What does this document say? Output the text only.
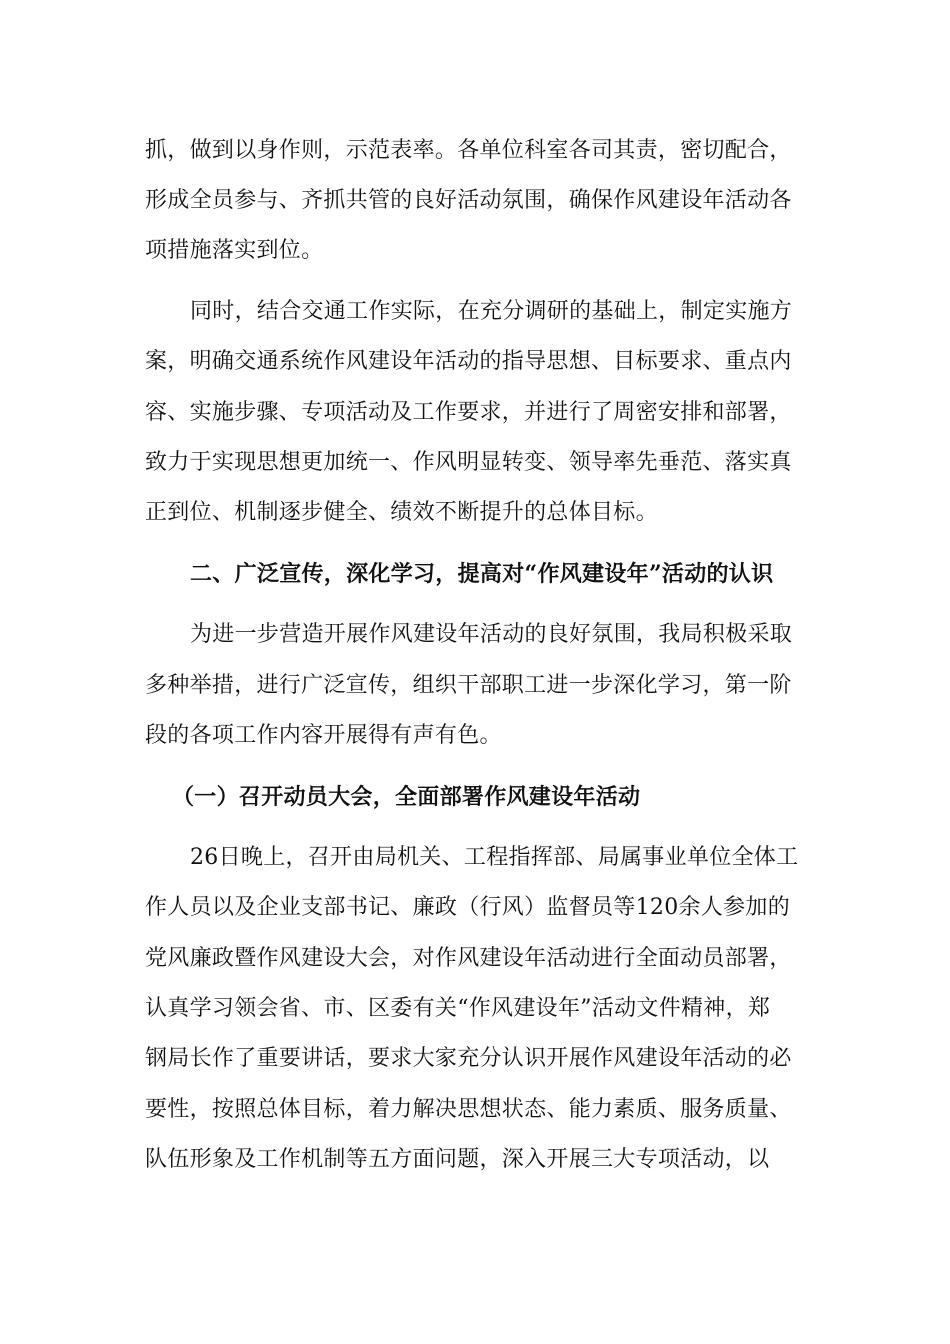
抓，做到以身作则，示范表率。各单位科室各司其责，密切配合，
形成全员参与、齐抓共管的良好活动氛围，确保作风建设年活动各
项措施落实到位。
同时，结合交通工作实际，在充分调研的基础上，制定实施方
案，明确交通系统作风建设年活动的指导思想、目标要求、重点内
容、实施步骤、专项活动及工作要求，并进行了周密安排和部署，
致力于实现思想更加统一、作风明显转变、领导率先垂范、落实真
正到位、机制逐步健全、绩效不断提升的总体目标。
二、广泛宣传，深化学习，提高对“作风建设年”活动的认识
为进一步营造开展作风建设年活动的良好氛围，我局积极采取
多种举措，进行广泛宣传，组织干部职工进一步深化学习，第一阶
段的各项工作内容开展得有声有色。
（一）召开动员大会，全面部署作风建设年活动
26日晚上，召开由局机关、工程指挥部、局属事业单位全体工
作人员以及企业支部书记、廉政（行风）监督员等120余人参加的
党风廉政暨作风建设大会，对作风建设年活动进行全面动员部署，
认真学习领会省、市、区委有关“作风建设年”活动文件精神，郑
钢局长作了重要讲话，要求大家充分认识开展作风建设年活动的必
要性，按照总体目标，着力解决思想状态、能力素质、服务质量、
队伍形象及工作机制等五方面问题，深入开展三大专项活动，以
